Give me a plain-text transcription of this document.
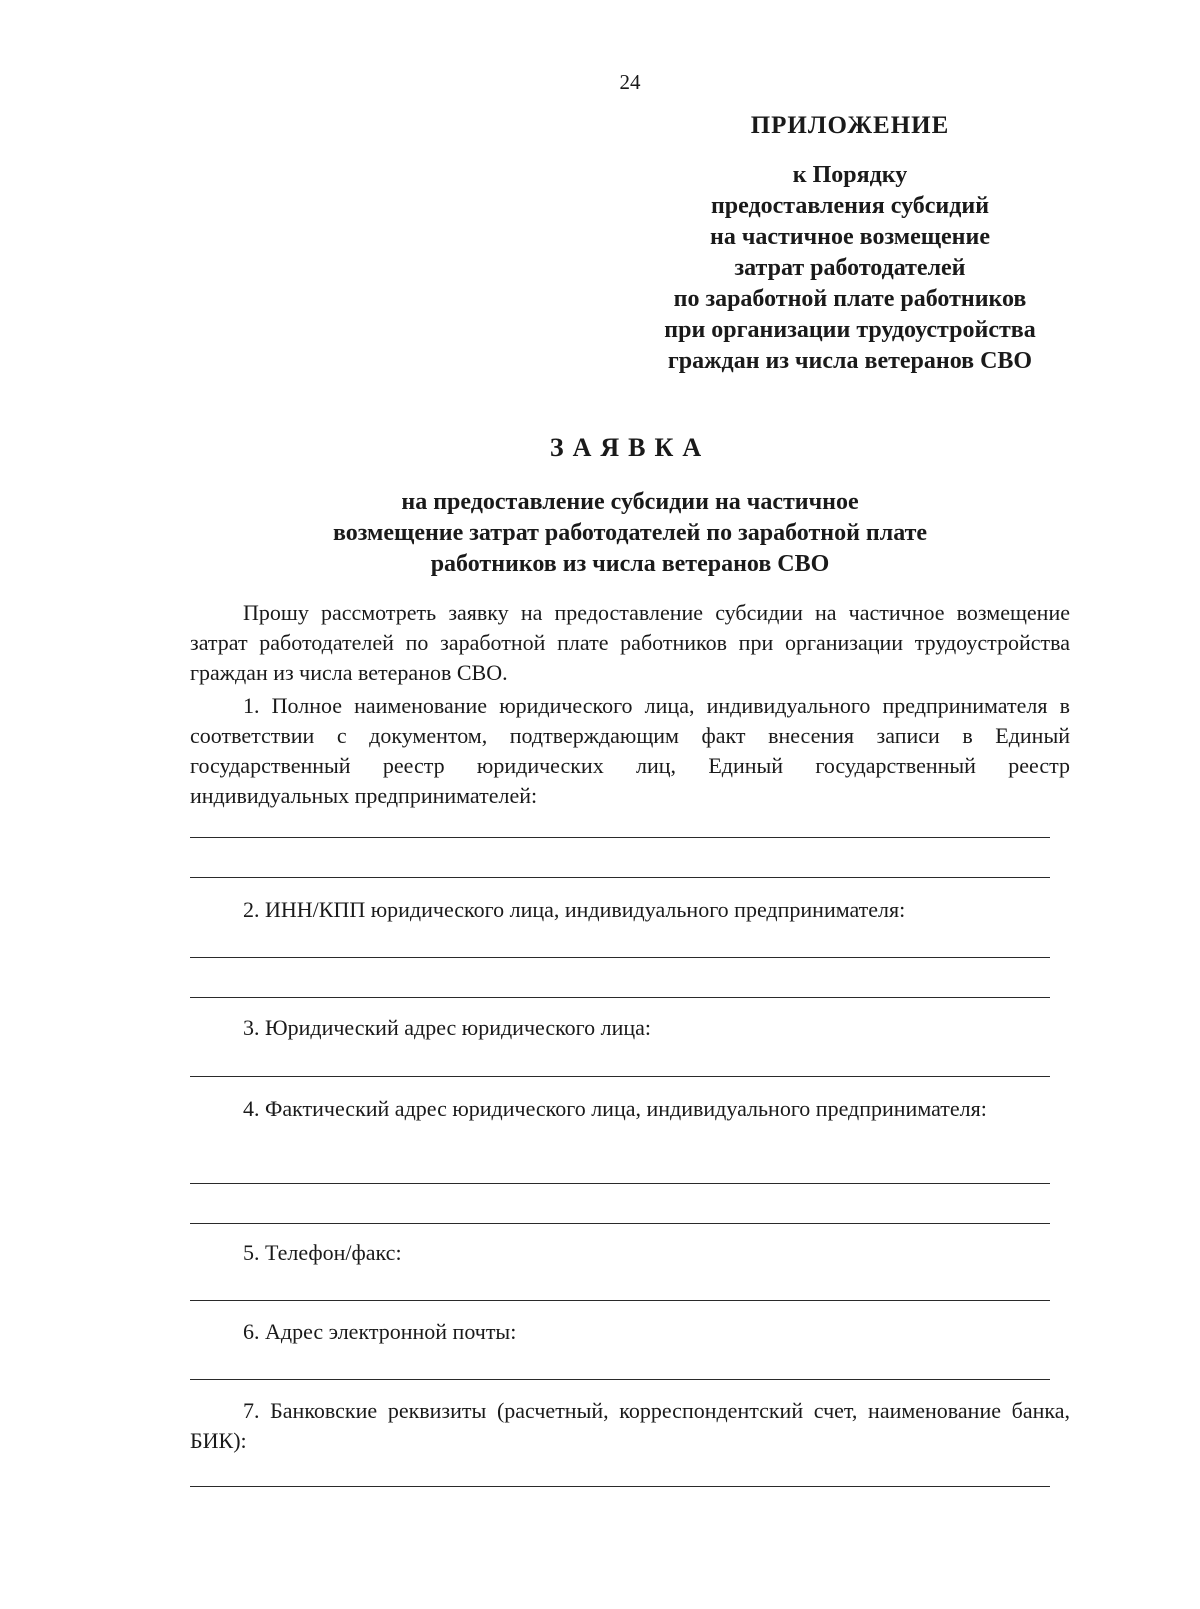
24
ПРИЛОЖЕНИЕ
к Порядку
предоставления субсидий
на частичное возмещение
затрат работодателей
по заработной плате работников
при организации трудоустройства
граждан из числа ветеранов СВО
ЗАЯВКА
на предоставление субсидии на частичное
возмещение затрат работодателей по заработной плате
работников из числа ветеранов СВО
Прошу рассмотреть заявку на предоставление субсидии на частичное возмещение затрат работодателей по заработной плате работников при организации трудоустройства граждан из числа ветеранов СВО.
1. Полное наименование юридического лица, индивидуального предпринимателя в соответствии с документом, подтверждающим факт внесения записи в Единый государственный реестр юридических лиц, Единый государственный реестр индивидуальных предпринимателей:
2. ИНН/КПП юридического лица, индивидуального предпринимателя:
3. Юридический адрес юридического лица:
4. Фактический адрес юридического лица, индивидуального предпринимателя:
5. Телефон/факс:
6. Адрес электронной почты:
7. Банковские реквизиты (расчетный, корреспондентский счет, наименование банка, БИК):
